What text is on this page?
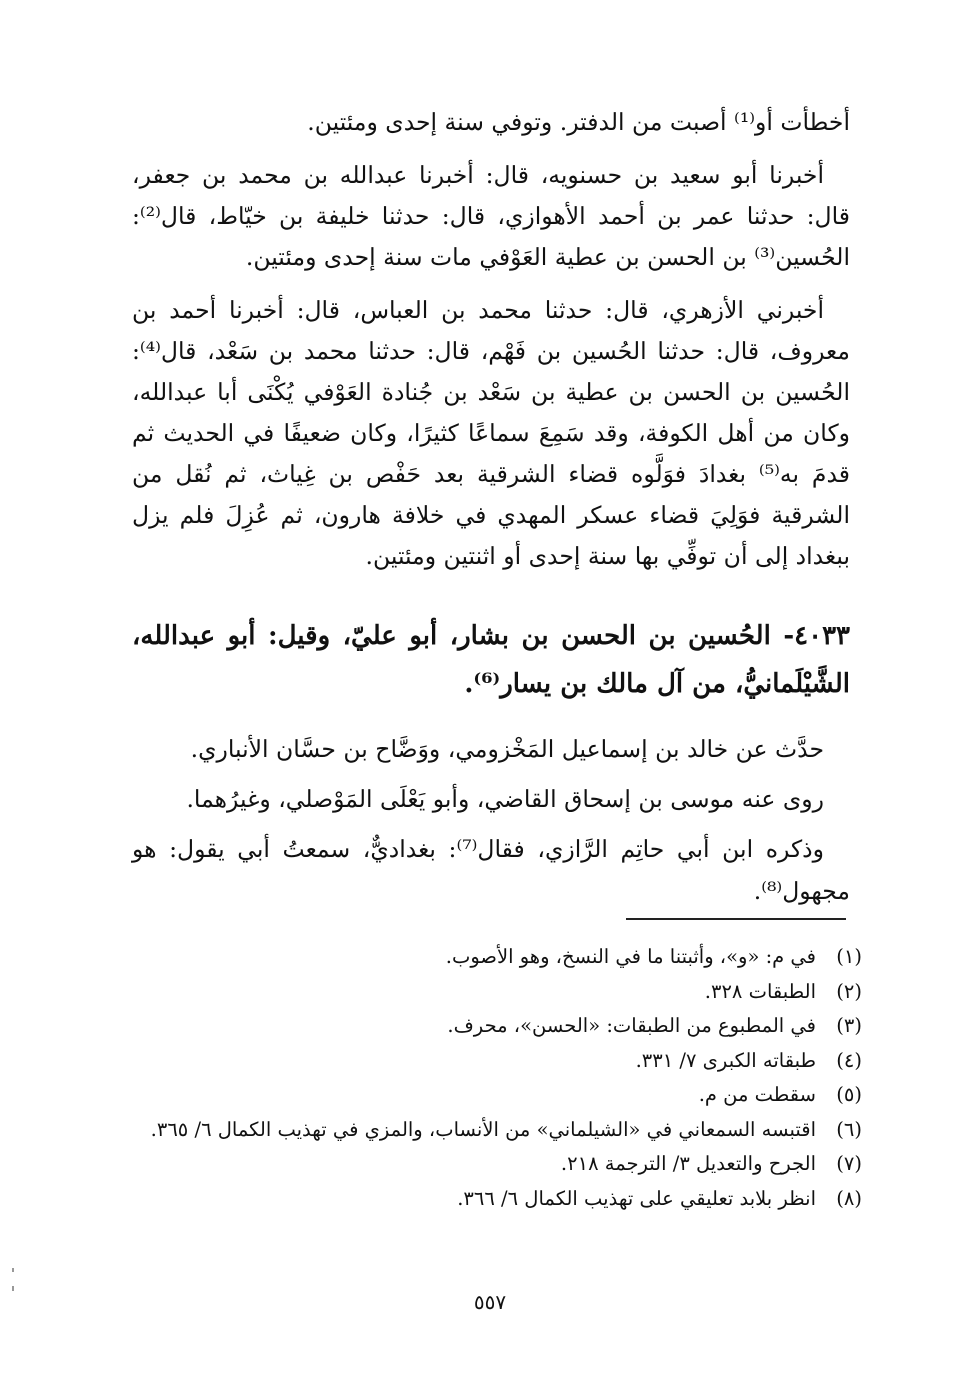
أخطأت أو⁽¹⁾ أصبت من الدفتر. وتوفي سنة إحدى ومئتين.

أخبرنا أبو سعيد بن حسنويه، قال: أخبرنا عبدالله بن محمد بن جعفر، قال: حدثنا عمر بن أحمد الأهوازي، قال: حدثنا خليفة بن خيّاط، قال⁽²⁾: الحُسين⁽³⁾ بن الحسن بن عطية العَوْفي مات سنة إحدى ومئتين.

أخبرني الأزهري، قال: حدثنا محمد بن العباس، قال: أخبرنا أحمد بن معروف، قال: حدثنا الحُسين بن فَهْم، قال: حدثنا محمد بن سَعْد، قال⁽⁴⁾: الحُسين بن الحسن بن عطية بن سَعْد بن جُنادة العَوْفي يُكْنَى أبا عبدالله، وكان من أهل الكوفة، وقد سَمِعَ سماعًا كثيرًا، وكان ضعيفًا في الحديث ثم قدمَ به⁽⁵⁾ بغدادَ فوَلَّوه قضاء الشرقية بعد حَفْص بن غِياث، ثم نُقل من الشرقية فوَلِيَ قضاء عسكر المهدي في خلافة هارون، ثم عُزِلَ فلم يزل ببغداد إلى أن توفِّي بها سنة إحدى أو اثنتين ومئتين.

٤٠٣٣- الحُسين بن الحسن بن بشار، أبو عليّ، وقيل: أبو عبدالله، الشَّيْلَمانيُّ، من آل مالك بن يسار⁽⁶⁾.

حدَّث عن خالد بن إسماعيل المَخْزومي، ووَضَّاح بن حسَّان الأنباري.

روى عنه موسى بن إسحاق القاضي، وأبو يَعْلَى المَوْصلي، وغيرُهما.

وذكره ابن أبي حاتِم الرَّازي، فقال⁽⁷⁾: بغداديٌّ، سمعتُ أبي يقول: هو مجهول⁽⁸⁾.

(١)
في م: «و»، وأثبتنا ما في النسخ، وهو الأصوب.
(٢)
الطبقات ٣٢٨.
(٣)
في المطبوع من الطبقات: «الحسن»، محرف.
(٤)
طبقاته الكبرى ٧/ ٣٣١.
(٥)
سقطت من م.
(٦)
اقتبسه السمعاني في «الشيلماني» من الأنساب، والمزي في تهذيب الكمال ٦/ ٣٦٥.
(٧)
الجرح والتعديل ٣/ الترجمة ٢١٨.
(٨)
انظر بلابد تعليقي على تهذيب الكمال ٦/ ٣٦٦.
٥٥٧
